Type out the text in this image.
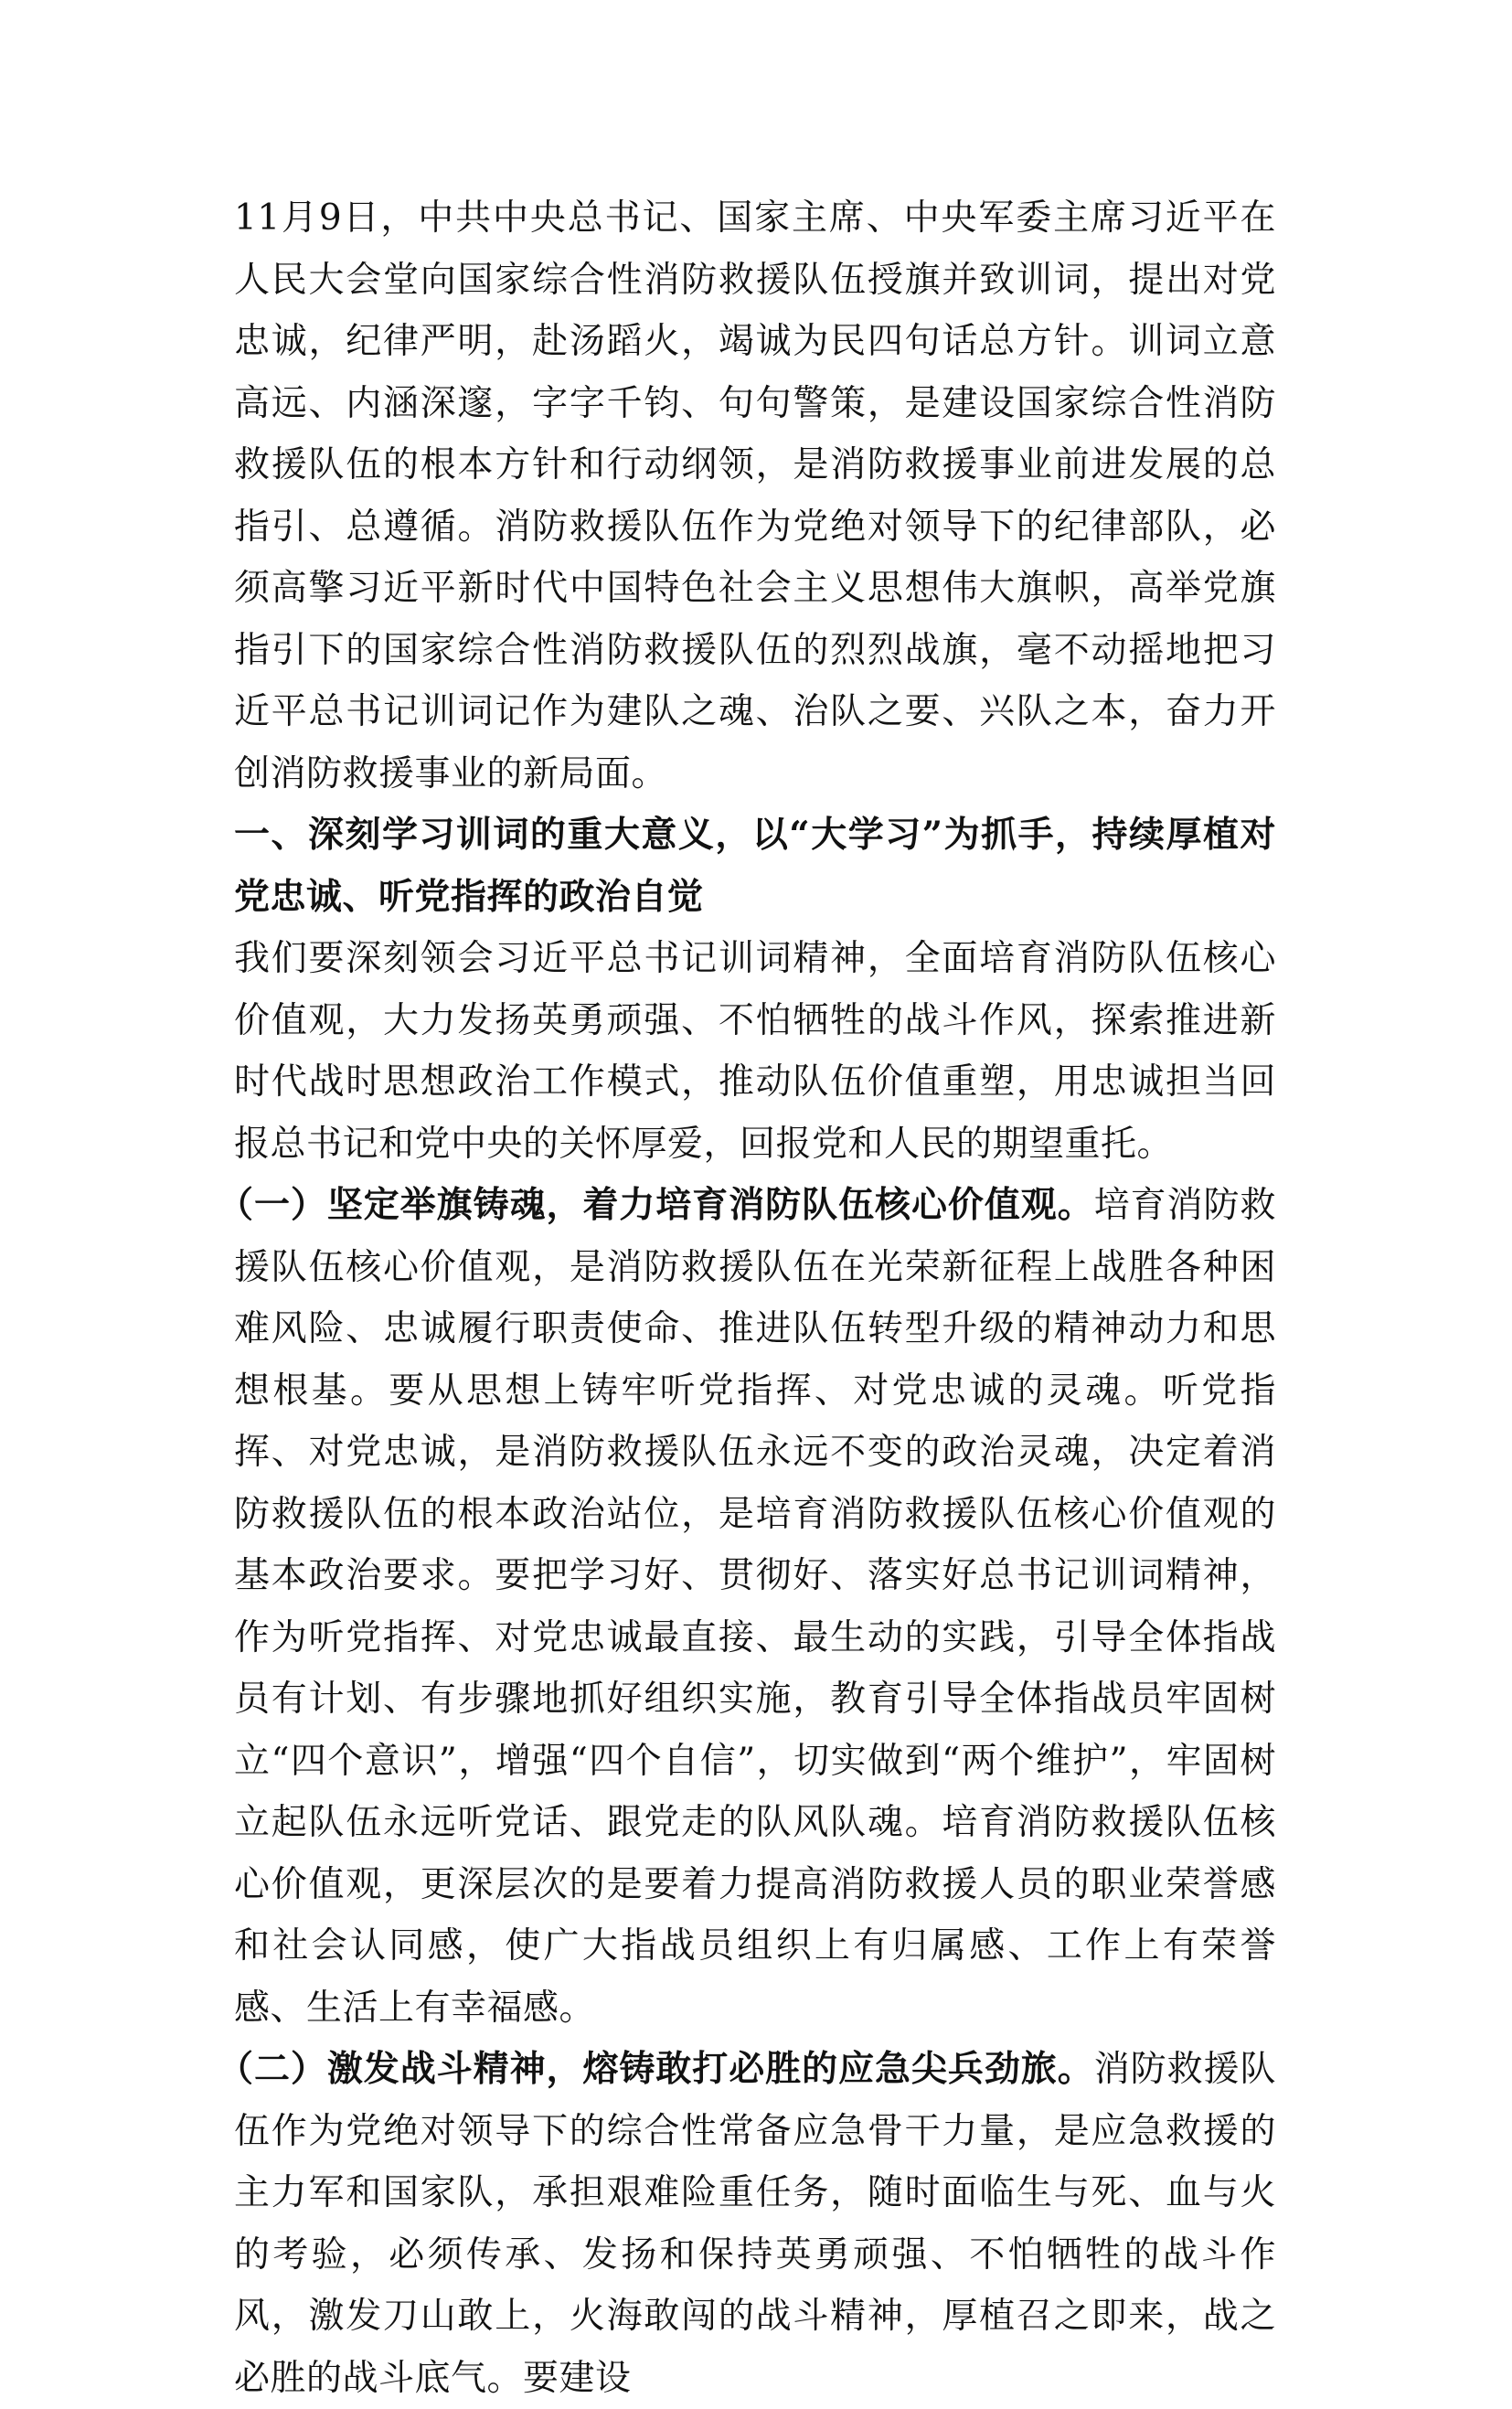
11月9日，中共中央总书记、国家主席、中央军委主席习近平在人民大会堂向国家综合性消防救援队伍授旗并致训词，提出对党忠诚，纪律严明，赴汤蹈火，竭诚为民四句话总方针。训词立意高远、内涵深邃，字字千钧、句句警策，是建设国家综合性消防救援队伍的根本方针和行动纲领，是消防救援事业前进发展的总指引、总遵循。消防救援队伍作为党绝对领导下的纪律部队，必须高擎习近平新时代中国特色社会主义思想伟大旗帜，高举党旗指引下的国家综合性消防救援队伍的烈烈战旗，毫不动摇地把习近平总书记训词记作为建队之魂、治队之要、兴队之本，奋力开创消防救援事业的新局面。

一、深刻学习训词的重大意义，以“大学习”为抓手，持续厚植对党忠诚、听党指挥的政治自觉

我们要深刻领会习近平总书记训词精神，全面培育消防队伍核心价值观，大力发扬英勇顽强、不怕牺牲的战斗作风，探索推进新时代战时思想政治工作模式，推动队伍价值重塑，用忠诚担当回报总书记和党中央的关怀厚爱，回报党和人民的期望重托。

（一）坚定举旗铸魂，着力培育消防队伍核心价值观。培育消防救援队伍核心价值观，是消防救援队伍在光荣新征程上战胜各种困难风险、忠诚履行职责使命、推进队伍转型升级的精神动力和思想根基。要从思想上铸牢听党指挥、对党忠诚的灵魂。听党指挥、对党忠诚，是消防救援队伍永远不变的政治灵魂，决定着消防救援队伍的根本政治站位，是培育消防救援队伍核心价值观的基本政治要求。要把学习好、贯彻好、落实好总书记训词精神，作为听党指挥、对党忠诚最直接、最生动的实践，引导全体指战员有计划、有步骤地抓好组织实施，教育引导全体指战员牢固树立“四个意识”，增强“四个自信”，切实做到“两个维护”，牢固树立起队伍永远听党话、跟党走的队风队魂。培育消防救援队伍核心价值观，更深层次的是要着力提高消防救援人员的职业荣誉感和社会认同感，使广大指战员组织上有归属感、工作上有荣誉感、生活上有幸福感。

（二）激发战斗精神，熔铸敢打必胜的应急尖兵劲旅。消防救援队伍作为党绝对领导下的综合性常备应急骨干力量，是应急救援的主力军和国家队，承担艰难险重任务，随时面临生与死、血与火的考验，必须传承、发扬和保持英勇顽强、不怕牺牲的战斗作风，激发刀山敢上，火海敢闯的战斗精神，厚植召之即来，战之必胜的战斗底气。要建设
